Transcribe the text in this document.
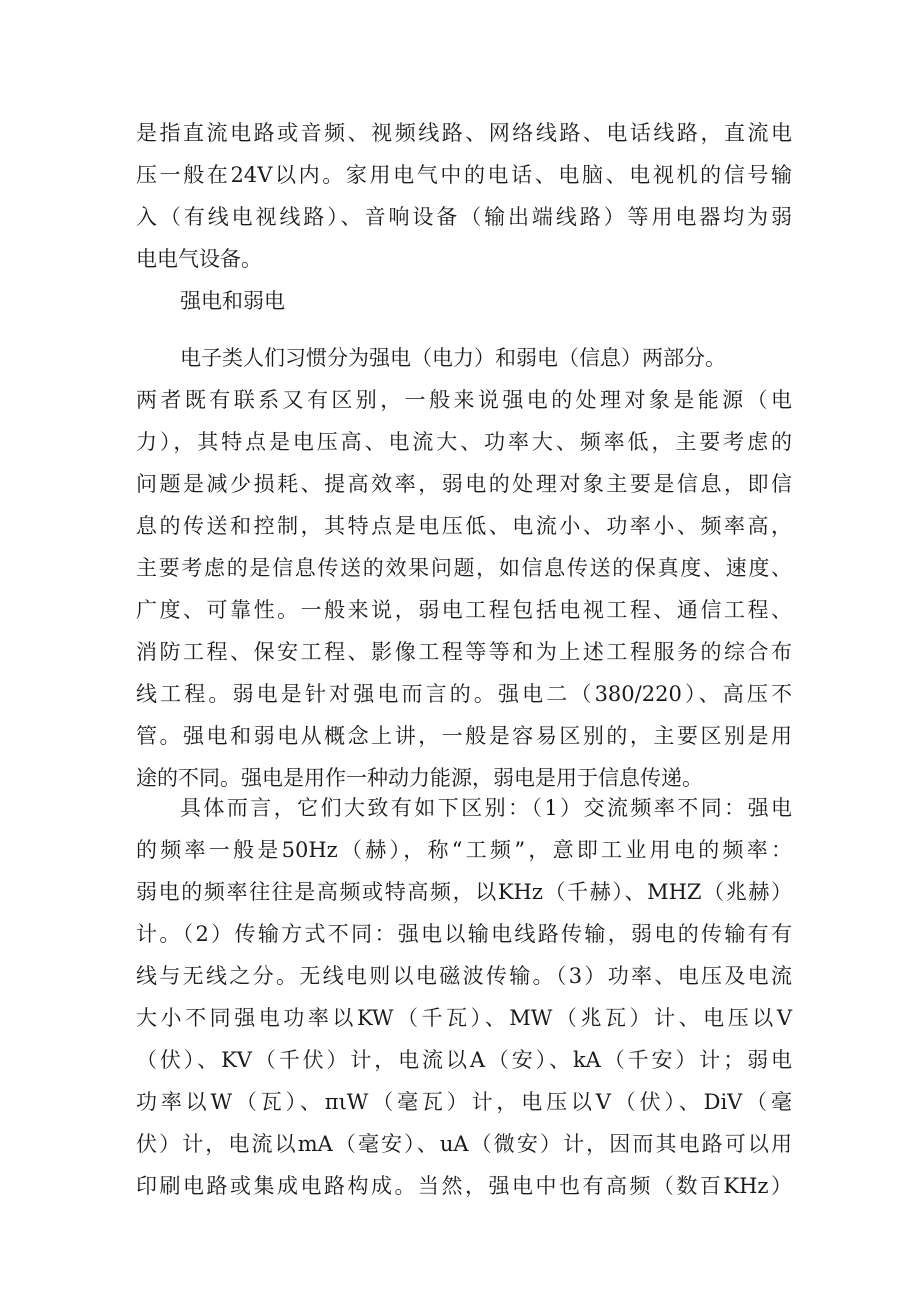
是指直流电路或音频、视频线路、网络线路、电话线路，直流电
压一般在24V以内。家用电气中的电话、电脑、电视机的信号输
入（有线电视线路）、音响设备（输出端线路）等用电器均为弱
电电气设备。
强电和弱电
电子类人们习惯分为强电（电力）和弱电（信息）两部分。
两者既有联系又有区别，一般来说强电的处理对象是能源（电
力），其特点是电压高、电流大、功率大、频率低，主要考虑的
问题是减少损耗、提高效率，弱电的处理对象主要是信息，即信
息的传送和控制，其特点是电压低、电流小、功率小、频率高，
主要考虑的是信息传送的效果问题，如信息传送的保真度、速度、
广度、可靠性。一般来说，弱电工程包括电视工程、通信工程、
消防工程、保安工程、影像工程等等和为上述工程服务的综合布
线工程。弱电是针对强电而言的。强电二（380/220）、高压不
管。强电和弱电从概念上讲，一般是容易区别的，主要区别是用
途的不同。强电是用作一种动力能源，弱电是用于信息传递。
具体而言，它们大致有如下区别：（1）交流频率不同：强电
的频率一般是50Hz（赫），称“工频”，意即工业用电的频率：
弱电的频率往往是高频或特高频，以KHz（千赫）、MHZ（兆赫）
计。（2）传输方式不同：强电以输电线路传输，弱电的传输有有
线与无线之分。无线电则以电磁波传输。（3）功率、电压及电流
大小不同强电功率以KW（千瓦）、MW（兆瓦）计、电压以V
（伏）、KV（千伏）计，电流以A（安）、kA（千安）计；弱电
功率以W（瓦）、πιW（毫瓦）计，电压以V（伏）、DiV（毫
伏）计，电流以mA（毫安）、uA（微安）计，因而其电路可以用
印刷电路或集成电路构成。当然，强电中也有高频（数百KHz）
